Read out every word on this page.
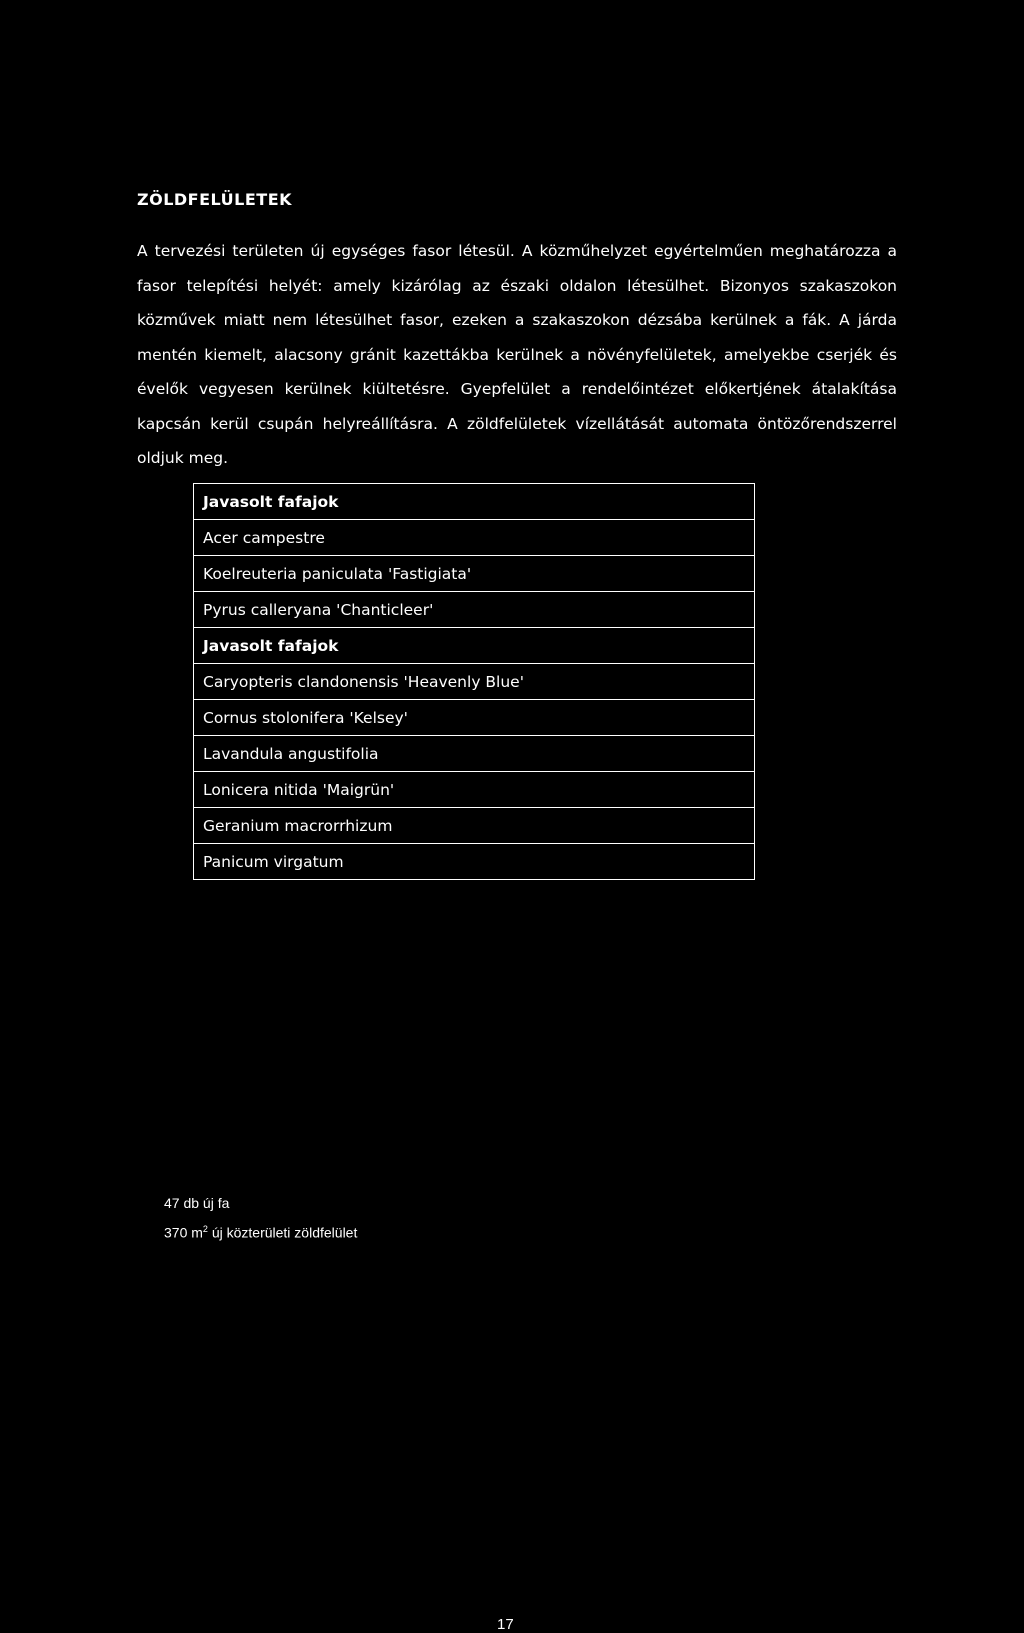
ZÖLDFELÜLETEK

A tervezési területen új egységes fasor létesül. A közműhelyzet egyértelműen meghatározza a fasor telepítési helyét: amely kizárólag az északi oldalon létesülhet. Bizonyos szakaszokon közművek miatt nem létesülhet fasor, ezeken a szakaszokon dézsába kerülnek a fák. A járda mentén kiemelt, alacsony gránit kazettákba kerülnek a növényfelületek, amelyekbe cserjék és évelők vegyesen kerülnek kiültetésre. Gyepfelület a rendelőintézet előkertjének átalakítása kapcsán kerül csupán helyreállításra. A zöldfelületek vízellátását automata öntözőrendszerrel oldjuk meg.

Javasolt fafajok
Acer campestre
Koelreuteria paniculata 'Fastigiata'
Pyrus calleryana 'Chanticleer'
Javasolt fafajok
Caryopteris clandonensis 'Heavenly Blue'
Cornus stolonifera 'Kelsey'
Lavandula angustifolia
Lonicera nitida 'Maigrün'
Geranium macrorrhizum
Panicum virgatum
47 db új fa
370 $m^2$ új közterületi zöldfelület
17
